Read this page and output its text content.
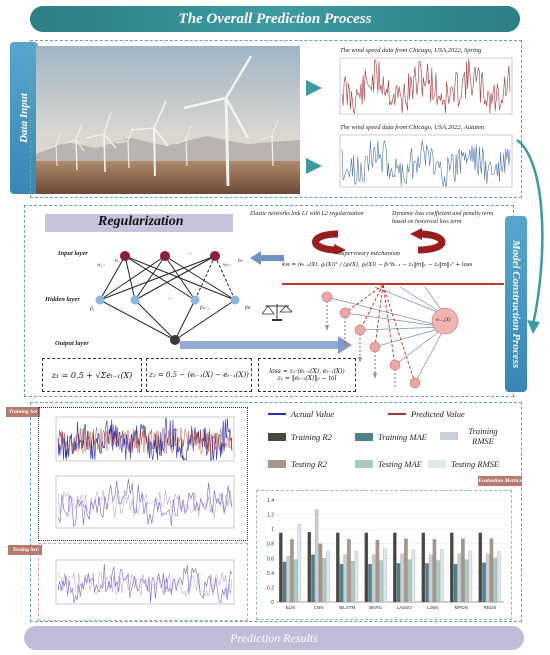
The Overall Prediction Process
Data Input
The wind speed data from Chicago, USA,2022, Spring
The wind speed data from Chicago, USA,2022, Autumn
Model Construction Process
Regularization	Elastic networks link L1 with L2 regularization	Dynamic loss coefficient and penalty term based on historical loss term
Supervisory mechanism
ksi = ⟨eₜ₋₁(X), gₜ(X)⟩² / ⟨gₜ(X), gₜ(X)⟩ − βₜ²δₜ₋₁ − z₁‖m‖₁ − z₂‖m‖₂² + loss
Input layer
Hidden layer
Output layer
w₁₋
b₁
wₙ₋
bₙ
β₁	βₙ₋₁	βn
...
...
eₜ₋₁(X)
z₁ = 0.5 + √Σeₜ₋₁(X) z₂ = 0.5 − (eₜ₋₁(X) − eₜ₋₁(X))	loss = z₁·⟨eₜ₋₁(X), eₜ₋₁(X)⟩
z₁ = ‖eₜ₋₁(X)‖₂ − tol
Training Set
Testing Set
Actual Value	Predicted Value
Training R2	Training MAE
Training RMSE
Testing R2	Testing MAE	Testing RMSE
Evaluation Metrics
0
0.2
0.4
0.6
0.8
1
1.2
1.4
ELM	CNN	BiLSTM	BKRG	LASSO	L2NN	MPDN	RELM
Prediction Results
